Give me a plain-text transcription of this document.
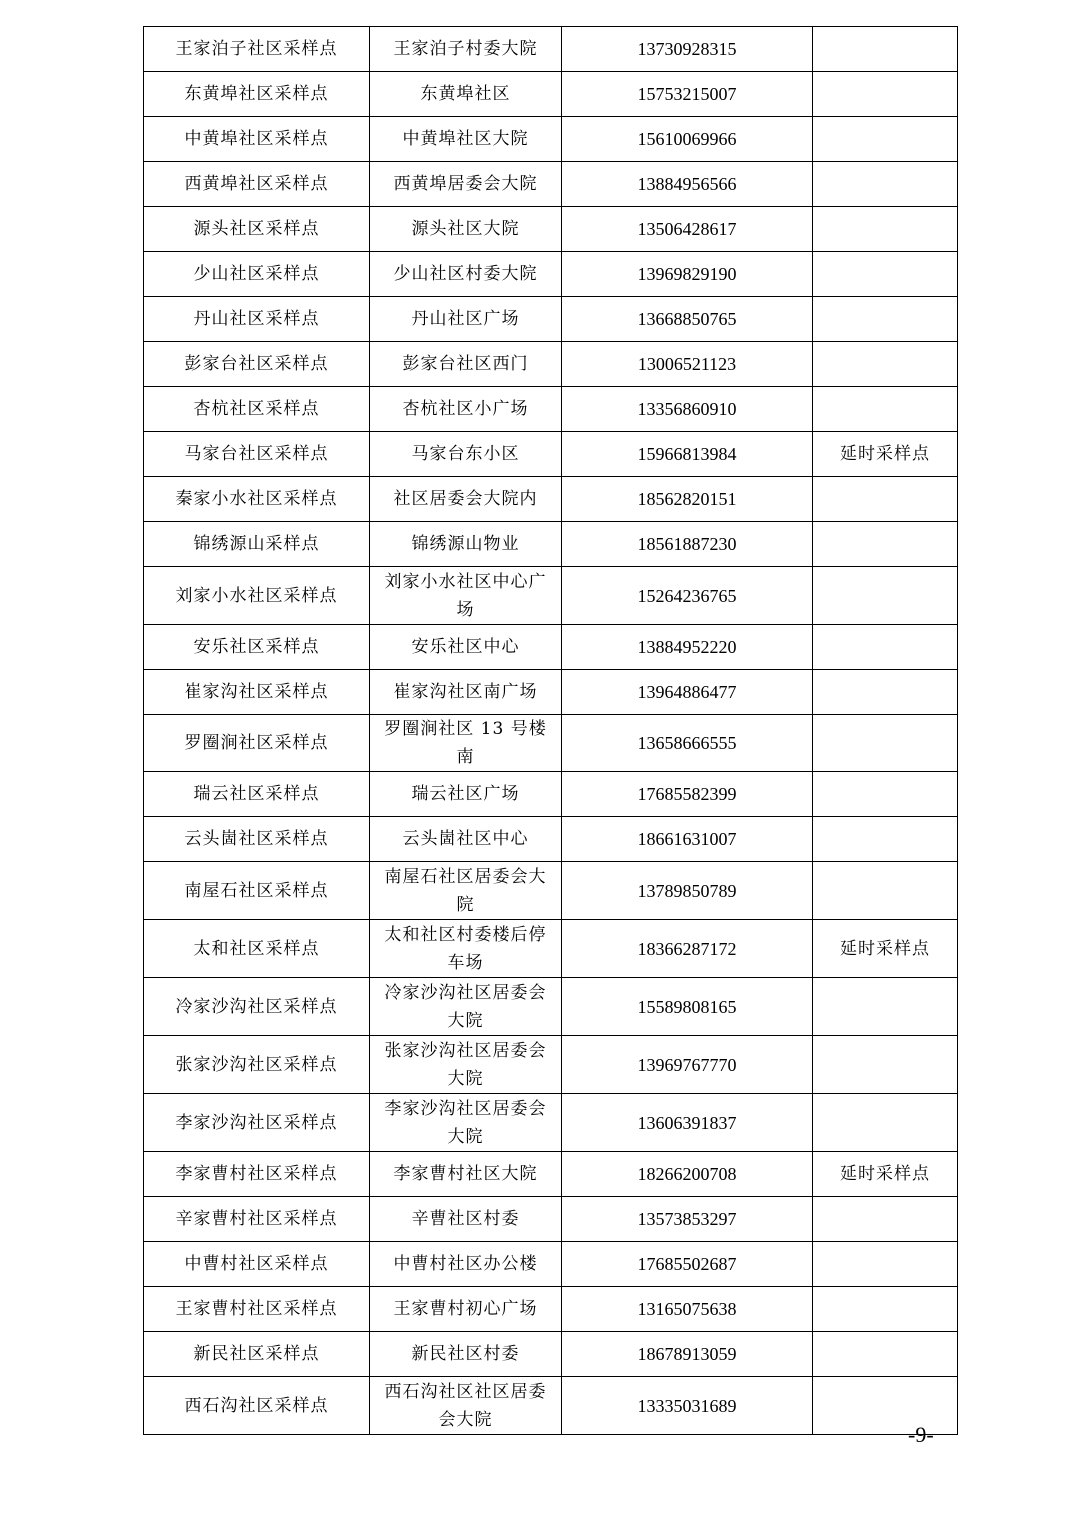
王家泊子社区采样点	王家泊子村委大院	13730928315	
东黄埠社区采样点	东黄埠社区	15753215007	
中黄埠社区采样点	中黄埠社区大院	15610069966	
西黄埠社区采样点	西黄埠居委会大院	13884956566	
源头社区采样点	源头社区大院	13506428617	
少山社区采样点	少山社区村委大院	13969829190	
丹山社区采样点	丹山社区广场	13668850765	
彭家台社区采样点	彭家台社区西门	13006521123	
杏杭社区采样点	杏杭社区小广场	13356860910	
马家台社区采样点	马家台东小区	15966813984	延时采样点
秦家小水社区采样点	社区居委会大院内	18562820151	
锦绣源山采样点	锦绣源山物业	18561887230	
刘家小水社区采样点	刘家小水社区中心广场	15264236765	
安乐社区采样点	安乐社区中心	13884952220	
崔家沟社区采样点	崔家沟社区南广场	13964886477	
罗圈涧社区采样点	罗圈涧社区 13 号楼南	13658666555	
瑞云社区采样点	瑞云社区广场	17685582399	
云头崮社区采样点	云头崮社区中心	18661631007	
南屋石社区采样点	南屋石社区居委会大院	13789850789	
太和社区采样点	太和社区村委楼后停车场	18366287172	延时采样点
冷家沙沟社区采样点	冷家沙沟社区居委会大院	15589808165	
张家沙沟社区采样点	张家沙沟社区居委会大院	13969767770	
李家沙沟社区采样点	李家沙沟社区居委会大院	13606391837	
李家曹村社区采样点	李家曹村社区大院	18266200708	延时采样点
辛家曹村社区采样点	辛曹社区村委	13573853297	
中曹村社区采样点	中曹村社区办公楼	17685502687	
王家曹村社区采样点	王家曹村初心广场	13165075638	
新民社区采样点	新民社区村委	18678913059	
西石沟社区采样点	西石沟社区社区居委会大院	13335031689	
-9-
